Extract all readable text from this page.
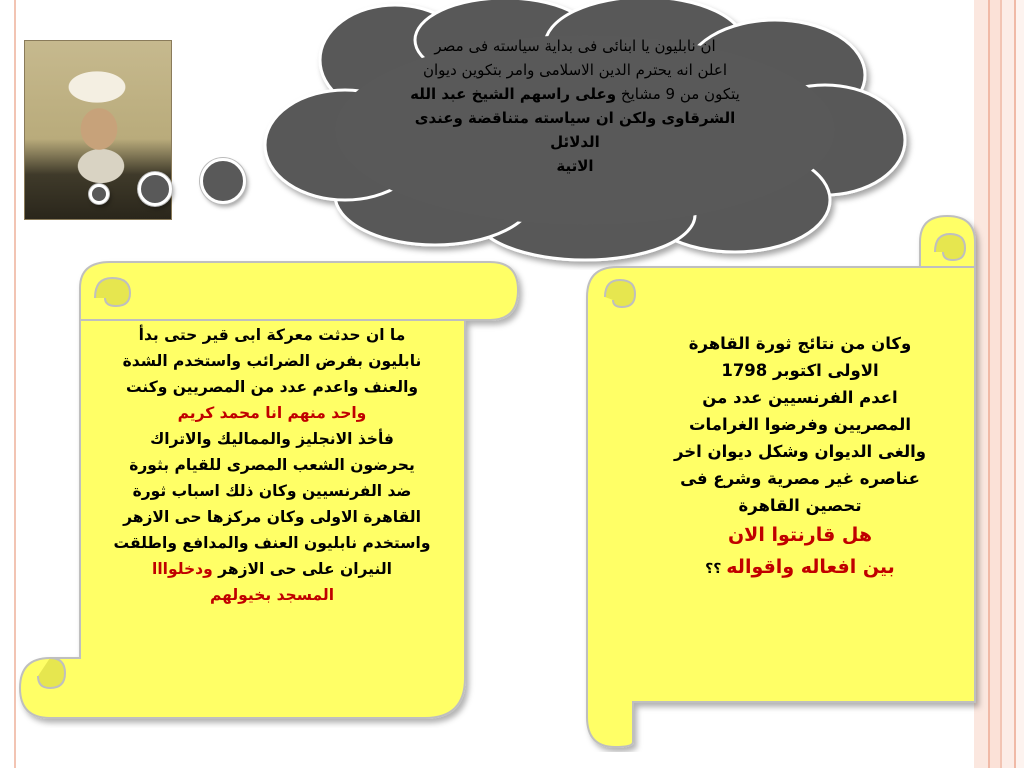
ان نابليون يا ابنائى فى بداية سياسته فى مصر
اعلن انه يحترم الدين الاسلامى وامر بتكوين ديوان
يتكون من 9 مشايخ وعلى راسهم الشيخ عبد الله
الشرقاوى ولكن ان سياسته متناقضة وعندى
الدلائل
الاتية
ما ان حدثت معركة ابى قير حتى بدأ
نابليون بفرض الضرائب واستخدم الشدة
والعنف واعدم عدد من المصريين وكنت
واحد منهم انا محمد كريم
فأخذ الانجليز والمماليك والاتراك
يحرضون الشعب المصرى للقيام بثورة
ضد الفرنسيين وكان ذلك اسباب ثورة
القاهرة الاولى وكان مركزها حى الازهر
واستخدم نابليون العنف والمدافع واطلقت
النيران على حى الازهر ودخلوااا
المسجد بخيولهم
وكان من نتائج ثورة القاهرة
الاولى اكتوبر 1798
اعدم الفرنسيين عدد من
المصريين وفرضوا الغرامات
والغى الديوان وشكل ديوان اخر
عناصره غير مصرية وشرع فى
تحصين القاهرة
هل قارنتوا الان
بين افعاله واقواله ؟؟
